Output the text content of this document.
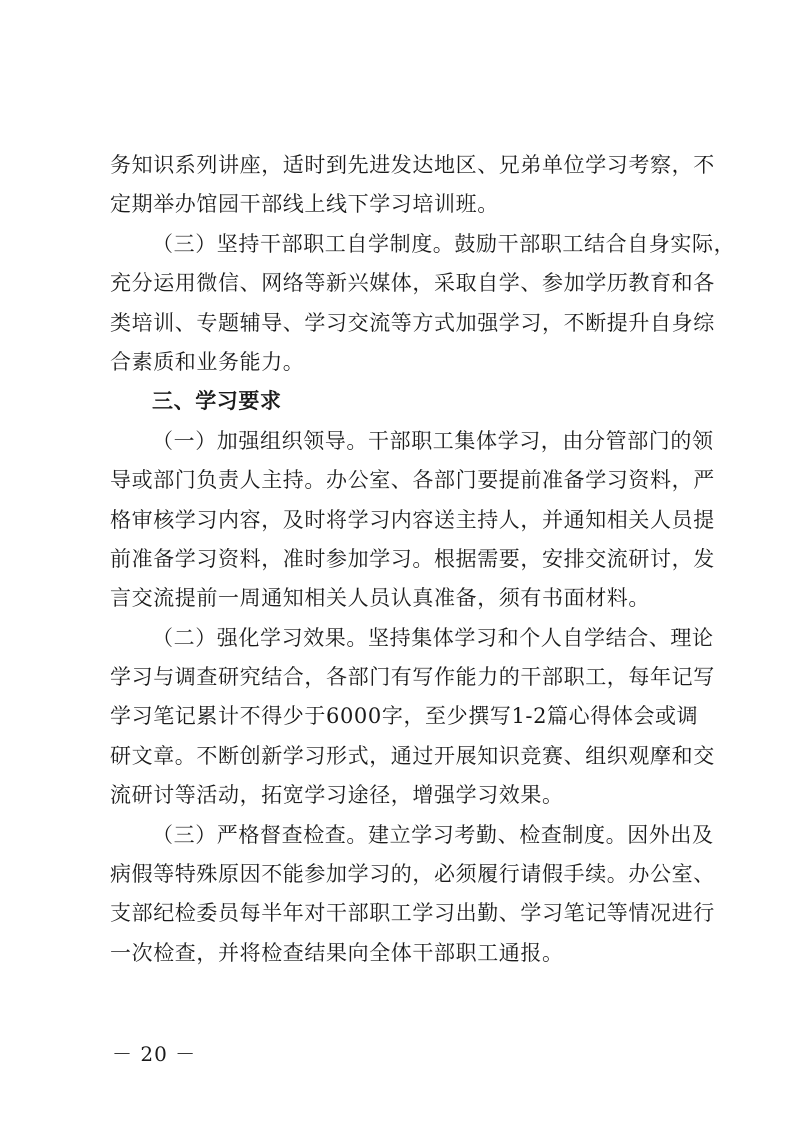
务知识系列讲座，适时到先进发达地区、兄弟单位学习考察，不
定期举办馆园干部线上线下学习培训班。
（三）坚持干部职工自学制度。鼓励干部职工结合自身实际，
充分运用微信、网络等新兴媒体，采取自学、参加学历教育和各
类培训、专题辅导、学习交流等方式加强学习，不断提升自身综
合素质和业务能力。
三、学习要求
（一）加强组织领导。干部职工集体学习，由分管部门的领
导或部门负责人主持。办公室、各部门要提前准备学习资料，严
格审核学习内容，及时将学习内容送主持人，并通知相关人员提
前准备学习资料，准时参加学习。根据需要，安排交流研讨，发
言交流提前一周通知相关人员认真准备，须有书面材料。
（二）强化学习效果。坚持集体学习和个人自学结合、理论
学习与调查研究结合，各部门有写作能力的干部职工，每年记写
学习笔记累计不得少于6000字，至少撰写1-2篇心得体会或调
研文章。不断创新学习形式，通过开展知识竞赛、组织观摩和交
流研讨等活动，拓宽学习途径，增强学习效果。
（三）严格督查检查。建立学习考勤、检查制度。因外出及
病假等特殊原因不能参加学习的，必须履行请假手续。办公室、
支部纪检委员每半年对干部职工学习出勤、学习笔记等情况进行
一次检查，并将检查结果向全体干部职工通报。
－ 20 －
